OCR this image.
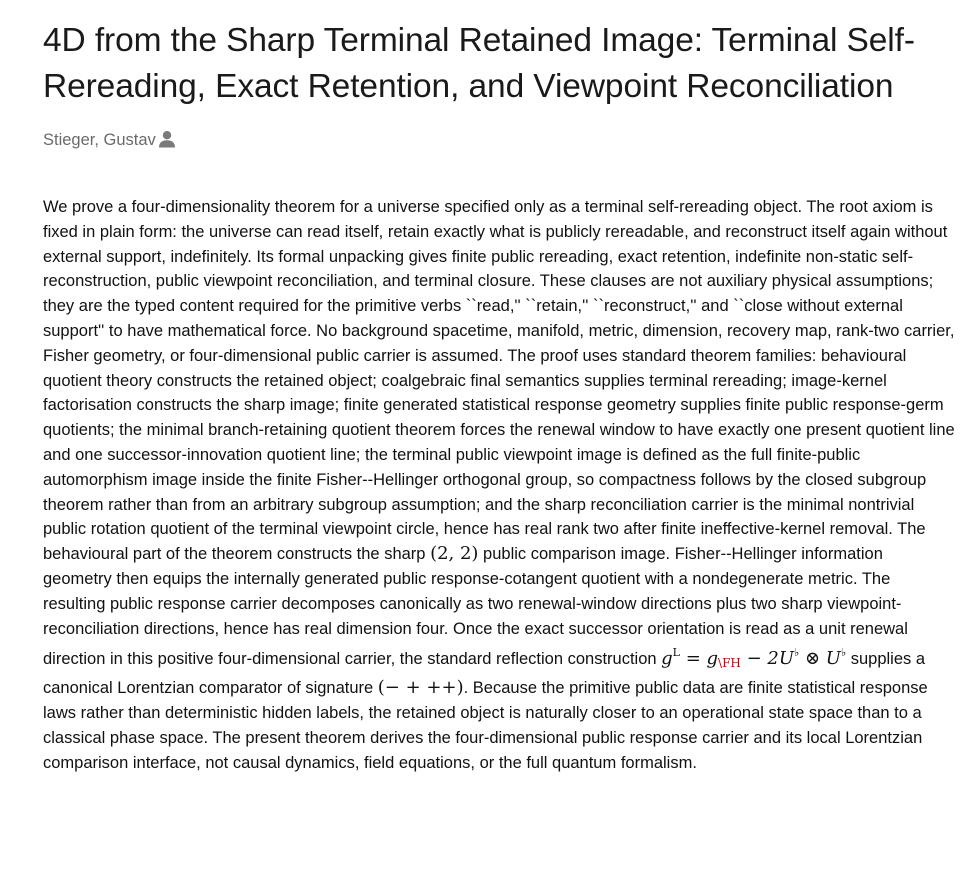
4D from the Sharp Terminal Retained Image: Terminal Self-Rereading, Exact Retention, and Viewpoint Reconciliation
Stieger, Gustav

We prove a four-dimensionality theorem for a universe specified only as a terminal self-rereading object. The root axiom is fixed in plain form: the universe can read itself, retain exactly what is publicly rereadable, and reconstruct itself again without external support, indefinitely. Its formal unpacking gives finite public rereading, exact retention, indefinite non-static self-reconstruction, public viewpoint reconciliation, and terminal closure. These clauses are not auxiliary physical assumptions; they are the typed content required for the primitive verbs ``read,'' ``retain,'' ``reconstruct,'' and ``close without external support'' to have mathematical force. No background spacetime, manifold, metric, dimension, recovery map, rank-two carrier, Fisher geometry, or four-dimensional public carrier is assumed. The proof uses standard theorem families: behavioural quotient theory constructs the retained object; coalgebraic final semantics supplies terminal rereading; image-kernel factorisation constructs the sharp image; finite generated statistical response geometry supplies finite public response-germ quotients; the minimal branch-retaining quotient theorem forces the renewal window to have exactly one present quotient line and one successor-innovation quotient line; the terminal public viewpoint image is defined as the full finite-public automorphism image inside the finite Fisher--Hellinger orthogonal group, so compactness follows by the closed subgroup theorem rather than from an arbitrary subgroup assumption; and the sharp reconciliation carrier is the minimal nontrivial public rotation quotient of the terminal viewpoint circle, hence has real rank two after finite ineffective-kernel removal. The behavioural part of the theorem constructs the sharp (2, 2) public comparison image. Fisher--Hellinger information geometry then equips the internally generated public response-cotangent quotient with a nondegenerate metric. The resulting public response carrier decomposes canonically as two renewal-window directions plus two sharp viewpoint-reconciliation directions, hence has real dimension four. Once the exact successor orientation is read as a unit renewal direction in this positive four-dimensional carrier, the standard reflection construction $g^L$ = g\FH − 2U♭ ⊗ U♭ supplies a canonical Lorentzian comparator of signature (− + ++). Because the primitive public data are finite statistical response laws rather than deterministic hidden labels, the retained object is naturally closer to an operational state space than to a classical phase space. The present theorem derives the four-dimensional public response carrier and its local Lorentzian comparison interface, not causal dynamics, field equations, or the full quantum formalism.
